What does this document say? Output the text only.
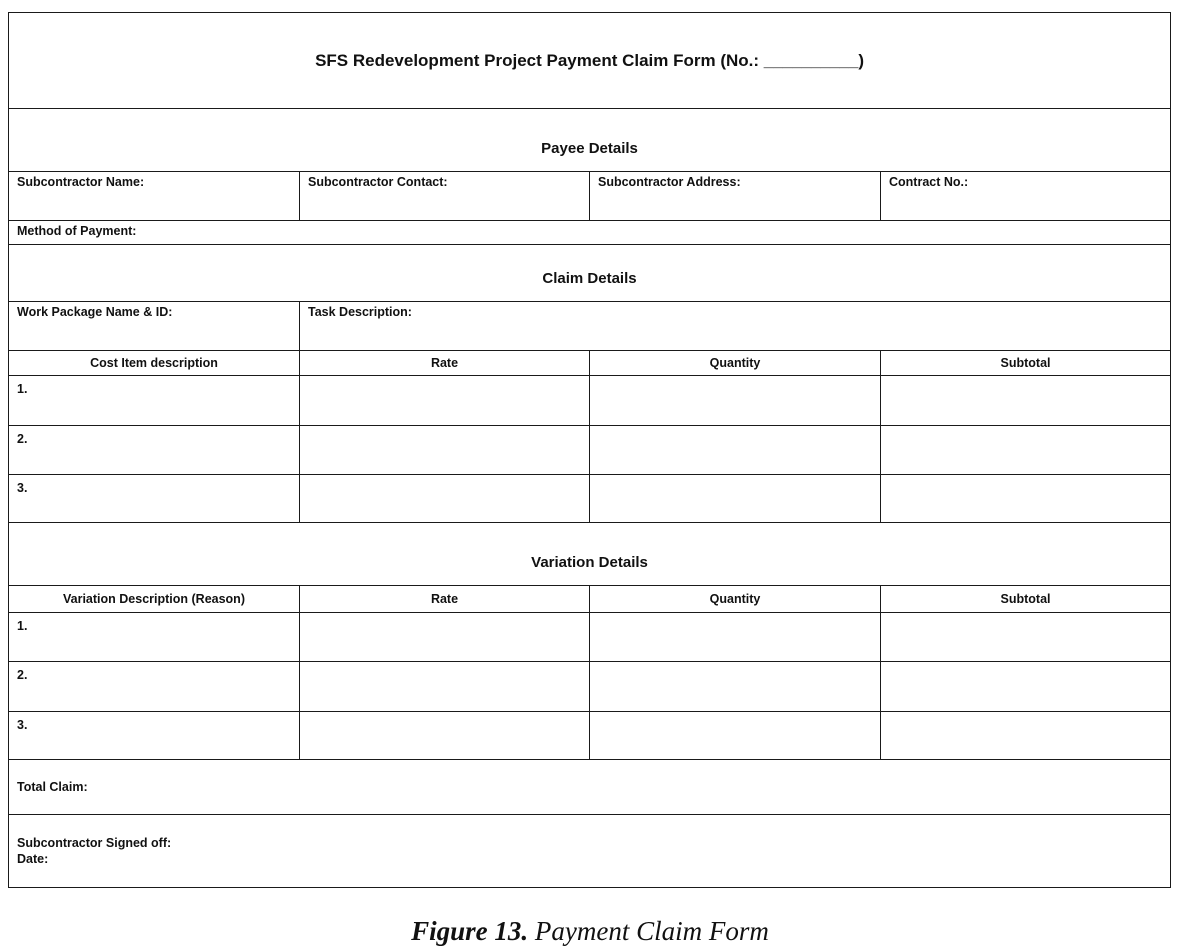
SFS Redevelopment Project Payment Claim Form (No.: __________)			
Payee Details			
Subcontractor Name:	Subcontractor Contact:	Subcontractor Address:	Contract No.:
Method of Payment:			
Claim Details			
Work Package Name & ID:	Task Description:		
Cost Item description	Rate	Quantity	Subtotal
1.			
2.			
3.			
Variation Details			
Variation Description (Reason)	Rate	Quantity	Subtotal
1.			
2.			
3.			
Total Claim:			

Subcontractor Signed off:
Date:			
Figure 13. Payment Claim Form
